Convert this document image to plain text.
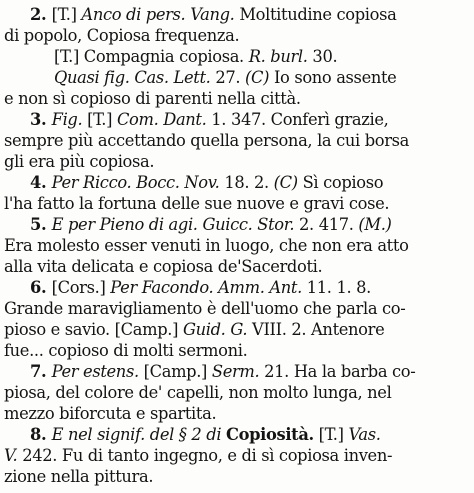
2. [T.] Anco di pers. Vang. Moltitudine copiosa
di popolo, Copiosa frequenza.
[T.] Compagnia copiosa. R. burl. 30.
Quasi fig. Cas. Lett. 27. (C) Io sono assente
e non sì copioso di parenti nella città.
3. Fig. [T.] Com. Dant. 1. 347. Conferì grazie,
sempre più accettando quella persona, la cui borsa
gli era più copiosa.
4. Per Ricco. Bocc. Nov. 18. 2. (C) Sì copioso
l'ha fatto la fortuna delle sue nuove e gravi cose.
5. E per Pieno di agi. Guicc. Stor. 2. 417. (M.)
Era molesto esser venuti in luogo, che non era atto
alla vita delicata e copiosa de'Sacerdoti.
6. [Cors.] Per Facondo. Amm. Ant. 11. 1. 8.
Grande maravigliamento è dell'uomo che parla co-
pioso e savio. [Camp.] Guid. G. VIII. 2. Antenore
fue... copioso di molti sermoni.
7. Per estens. [Camp.] Serm. 21. Ha la barba co-
piosa, del colore de' capelli, non molto lunga, nel
mezzo biforcuta e spartita.
8. E nel signif. del § 2 di Copiosità. [T.] Vas.
V. 242. Fu di tanto ingegno, e di sì copiosa inven-
zione nella pittura.
